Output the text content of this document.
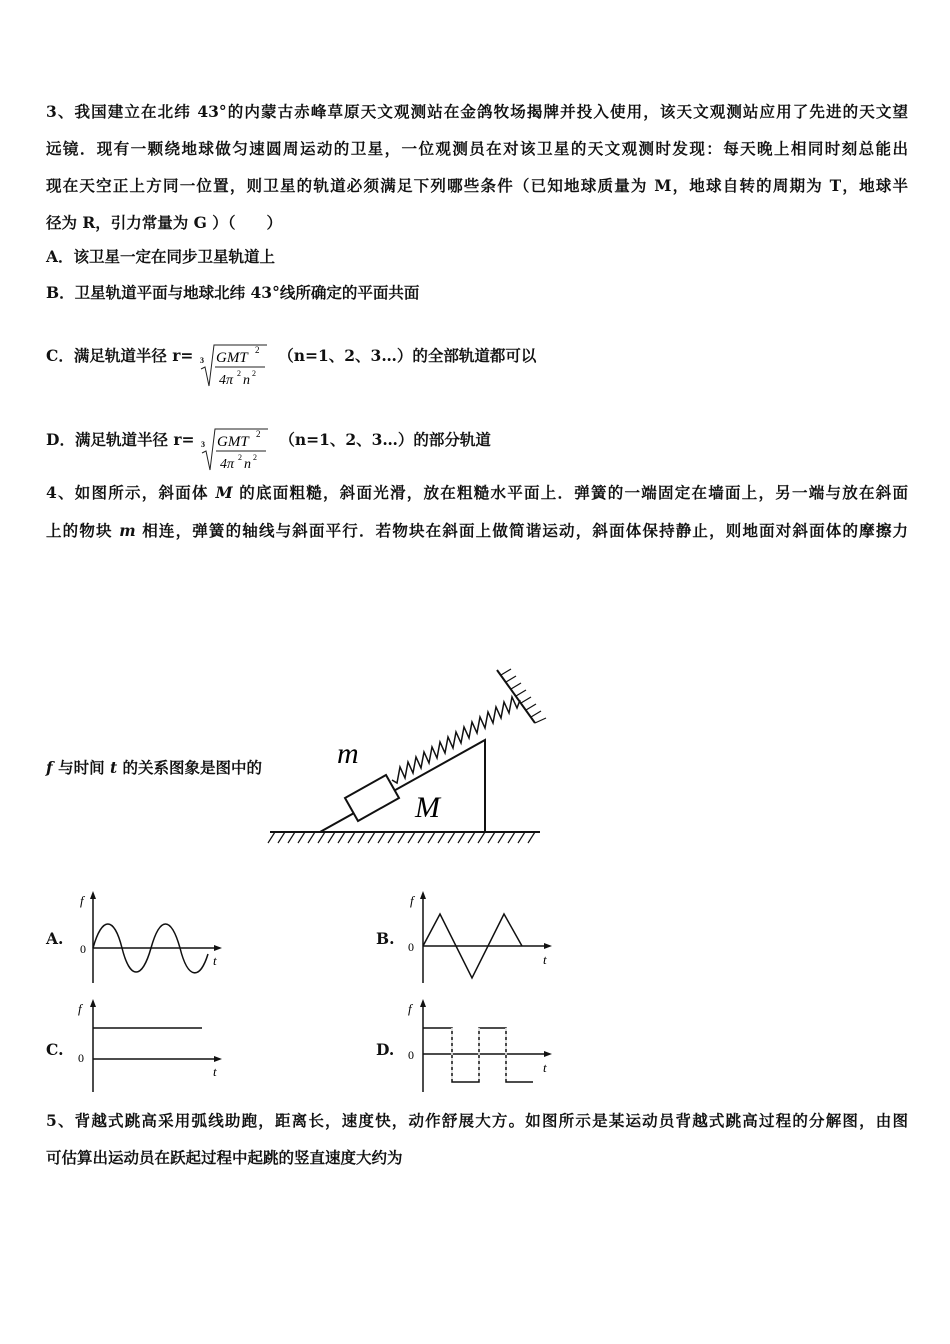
3、我国建立在北纬 43°的内蒙古赤峰草原天文观测站在金鸽牧场揭牌并投入使用，该天文观测站应用了先进的天文望
远镜．现有一颗绕地球做匀速圆周运动的卫星，一位观测员在对该卫星的天文观测时发现：每天晚上相同时刻总能出
现在天空正上方同一位置，则卫星的轨道必须满足下列哪些条件（已知地球质量为 M，地球自转的周期为 T，地球半
径为 R，引力常量为 G ）（　　）
A．该卫星一定在同步卫星轨道上
B．卫星轨道平面与地球北纬 43°线所确定的平面共面
C．满足轨道半径 r= 3 GMT 2
4π 2 n 2
（n=1、2、3…）的全部轨道都可以
D．满足轨道半径 r= 3 GMT 2
4π 2 n 2
（n=1、2、3…）的部分轨道
4、如图所示，斜面体 M 的底面粗糙，斜面光滑，放在粗糙水平面上．弹簧的一端固定在墙面上，另一端与放在斜面
上的物块 m 相连，弹簧的轴线与斜面平行．若物块在斜面上做简谐运动，斜面体保持静止，则地面对斜面体的摩擦力
f 与时间 t 的关系图象是图中的
M
m
A.
f
t
0
B.
f
t
0
C.
f
t
0	D.
f
t
0
5、背越式跳高采用弧线助跑，距离长，速度快，动作舒展大方。如图所示是某运动员背越式跳高过程的分解图，由图
可估算出运动员在跃起过程中起跳的竖直速度大约为
